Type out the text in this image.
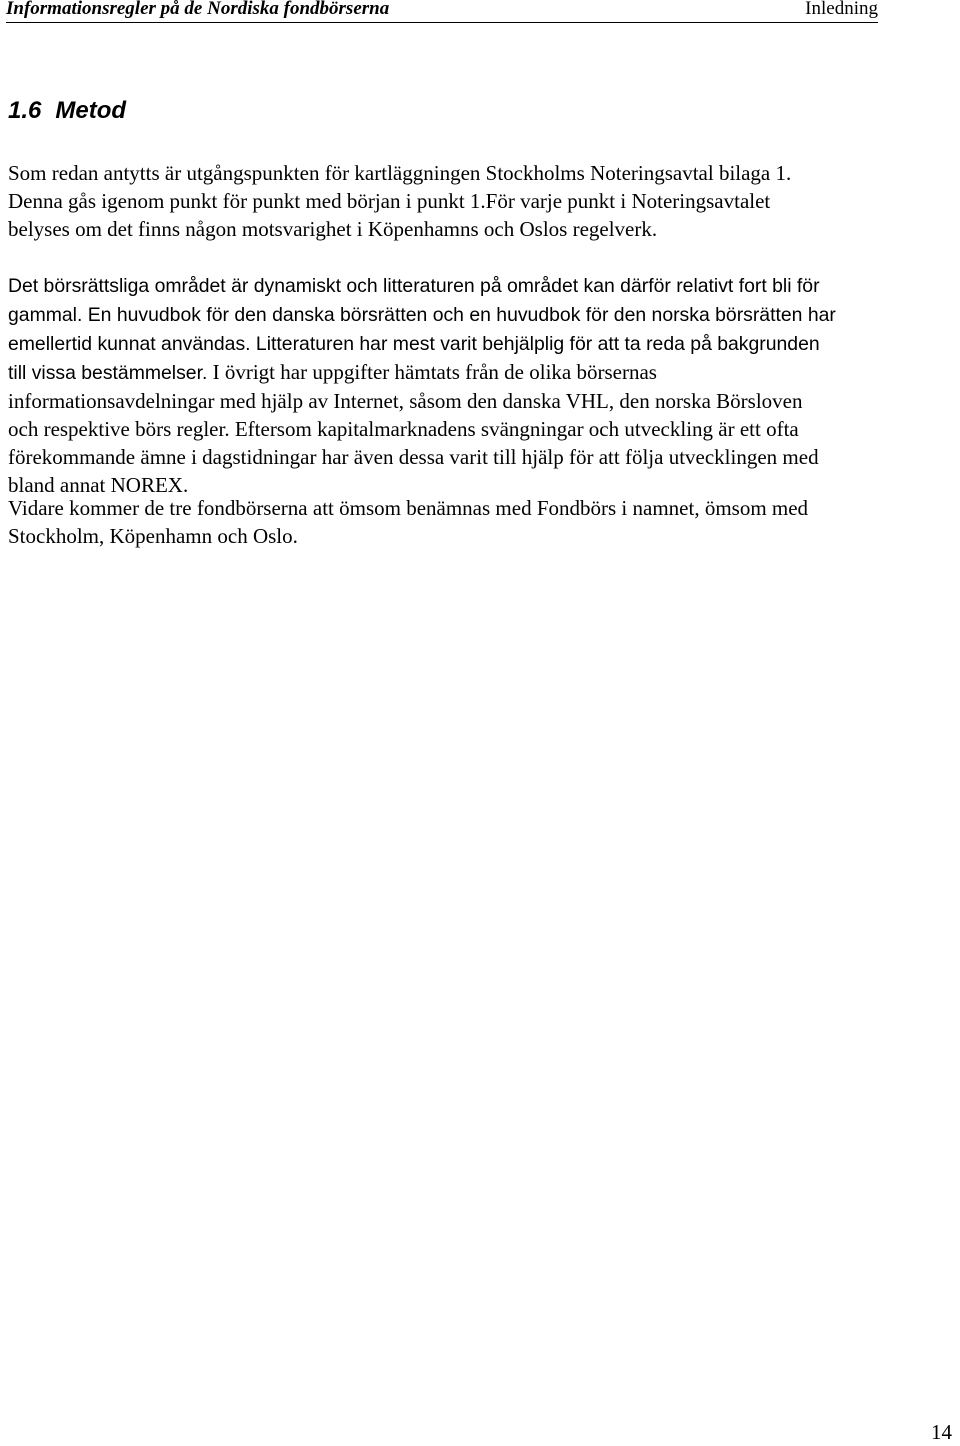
Informationsregler på de Nordiska fondbörserna	Inledning
1.6 Metod

Som redan antytts är utgångspunkten för kartläggningen Stockholms Noteringsavtal bilaga 1.
Denna gås igenom punkt för punkt med början i punkt 1.För varje punkt i Noteringsavtalet
belyses om det finns någon motsvarighet i Köpenhamns och Oslos regelverk.

Det börsrättsliga området är dynamiskt och litteraturen på området kan därför relativt fort bli för
gammal. En huvudbok för den danska börsrätten och en huvudbok för den norska börsrätten har
emellertid kunnat användas. Litteraturen har mest varit behjälplig för att ta reda på bakgrunden
till vissa bestämmelser. I övrigt har uppgifter hämtats från de olika börsernas
informationsavdelningar med hjälp av Internet, såsom den danska VHL, den norska Börsloven
och respektive börs regler. Eftersom kapitalmarknadens svängningar och utveckling är ett ofta
förekommande ämne i dagstidningar har även dessa varit till hjälp för att följa utvecklingen med
bland annat NOREX.

Vidare kommer de tre fondbörserna att ömsom benämnas med Fondbörs i namnet, ömsom med
Stockholm, Köpenhamn och Oslo.

14
